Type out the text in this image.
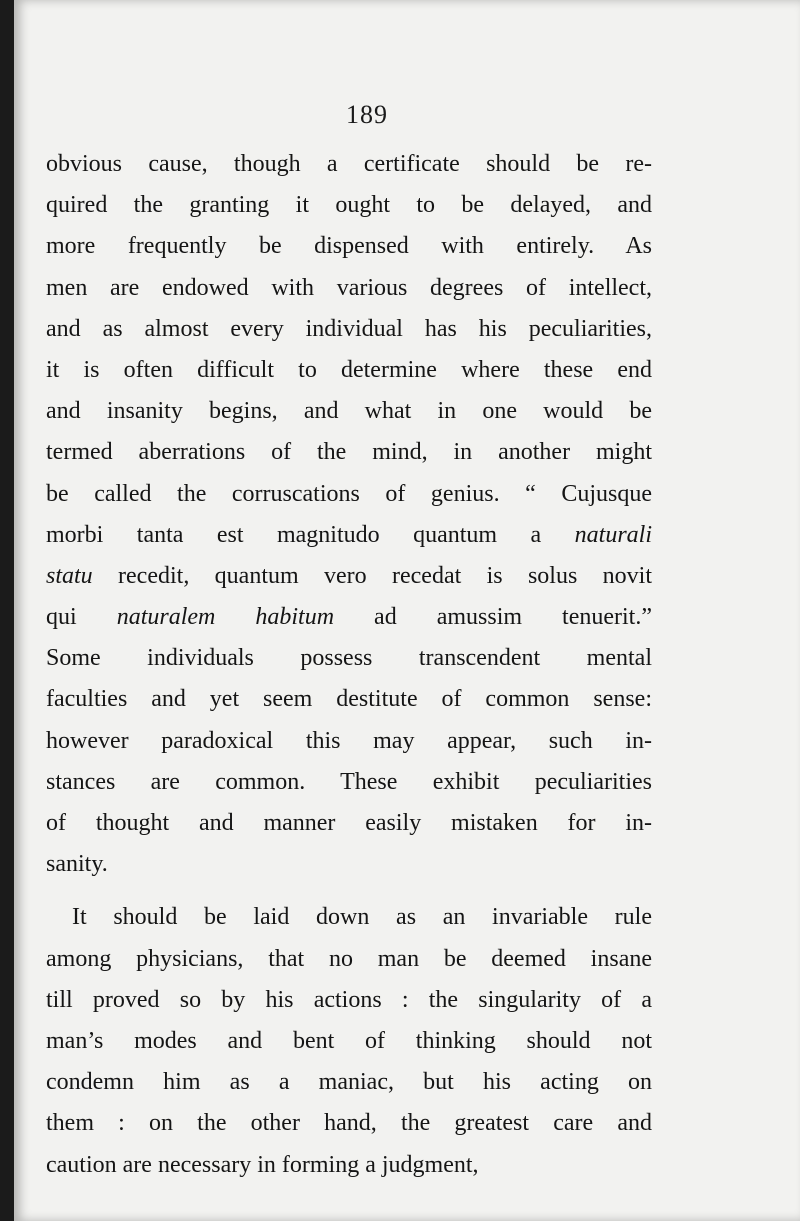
189
obvious cause, though a certificate should be re-
quired the granting it ought to be delayed, and
more frequently be dispensed with entirely. As
men are endowed with various degrees of intellect,
and as almost every individual has his peculiarities,
it is often difficult to determine where these end
and insanity begins, and what in one would be
termed aberrations of the mind, in another might
be called the corruscations of genius. “ Cujusque
morbi tanta est magnitudo quantum a naturali
statu recedit, quantum vero recedat is solus novit
qui naturalem habitum ad amussim tenuerit.”
Some individuals possess transcendent mental
faculties and yet seem destitute of common sense:
however paradoxical this may appear, such in-
stances are common. These exhibit peculiarities
of thought and manner easily mistaken for in-
sanity.
It should be laid down as an invariable rule
among physicians, that no man be deemed insane
till proved so by his actions : the singularity of a
man’s modes and bent of thinking should not
condemn him as a maniac, but his acting on
them : on the other hand, the greatest care and
caution are necessary in forming a judgment,
